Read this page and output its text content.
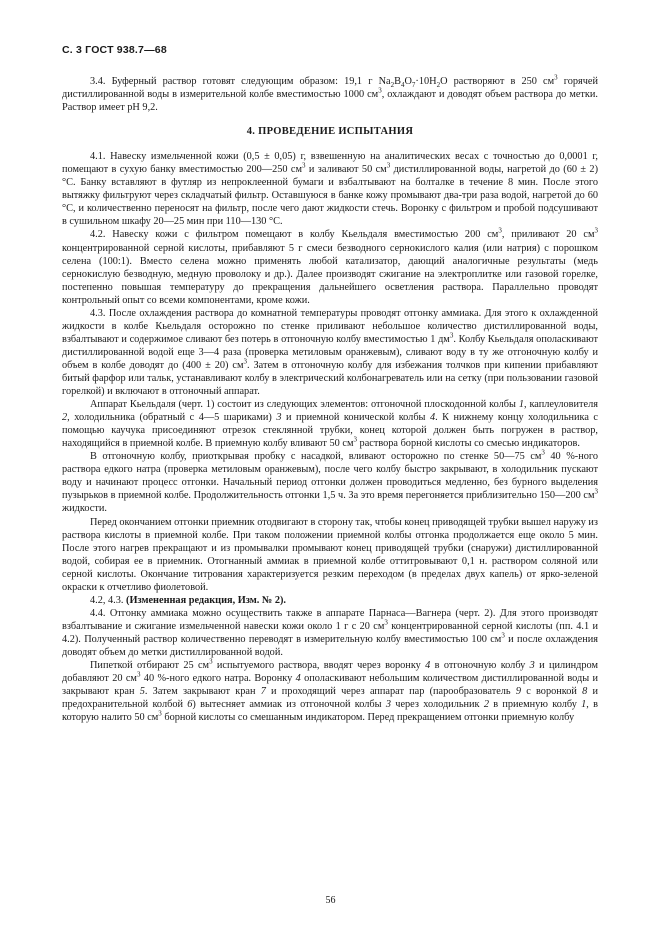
С. 3 ГОСТ 938.7—68

3.4. Буферный раствор готовят следующим образом: 19,1 г $Na_2B_4O_7\cdot 10H_2O$ растворяют в 250 $см^3$ горячей дистиллированной воды в измерительной колбе вместимостью 1000 $см^3$, охлаждают и доводят объем раствора до метки. Раствор имеет рН 9,2.

4. ПРОВЕДЕНИЕ ИСПЫТАНИЯ

4.1. Навеску измельченной кожи (0,5 ± 0,05) г, взвешенную на аналитических весах с точностью до 0,0001 г, помещают в сухую банку вместимостью 200—250 $см^3$ и заливают 50 $см^3$ дистиллированной воды, нагретой до (60 ± 2) °С. Банку вставляют в футляр из непроклеенной бумаги и взбалтывают на болталке в течение 8 мин. После этого вытяжку фильтруют через складчатый фильтр. Оставшуюся в банке кожу промывают два-три раза водой, нагретой до 60 °С, и количественно переносят на фильтр, после чего дают жидкости стечь. Воронку с фильтром и пробой подсушивают в сушильном шкафу 20—25 мин при 110—130 °С.

4.2. Навеску кожи с фильтром помещают в колбу Кьельдаля вместимостью 200 $см^3$, приливают 20 $см^3$ концентрированной серной кислоты, прибавляют 5 г смеси безводного сернокислого калия (или натрия) с порошком селена (100:1). Вместо селена можно применять любой катализатор, дающий аналогичные результаты (медь сернокислую безводную, медную проволоку и др.). Далее производят сжигание на электроплитке или газовой горелке, постепенно повышая температуру до прекращения дальнейшего осветления раствора. Параллельно проводят контрольный опыт со всеми компонентами, кроме кожи.

4.3. После охлаждения раствора до комнатной температуры проводят отгонку аммиака. Для этого к охлажденной жидкости в колбе Кьельдаля осторожно по стенке приливают небольшое количество дистиллированной воды, взбалтывают и содержимое сливают без потерь в отгоночную колбу вместимостью 1 $дм^3$. Колбу Кьельдаля ополаскивают дистиллированной водой еще 3—4 раза (проверка метиловым оранжевым), сливают воду в ту же отгоночную колбу и объем в колбе доводят до (400 ± 20) $см^3$. Затем в отгоночную колбу для избежания толчков при кипении прибавляют битый фарфор или тальк, устанавливают колбу в электрический колбонагреватель или на сетку (при пользовании газовой горелкой) и включают в отгоночный аппарат.

Аппарат Кьельдаля (черт. 1) состоит из следующих элементов: отгоночной плоскодонной колбы 1, каплеуловителя 2, холодильника (обратный с 4—5 шариками) 3 и приемной конической колбы 4. К нижнему концу холодильника с помощью каучука присоединяют отрезок стеклянной трубки, конец которой должен быть погружен в раствор, находящийся в приемной колбе. В приемную колбу вливают 50 $см^3$ раствора борной кислоты со смесью индикаторов.

В отгоночную колбу, приоткрывая пробку с насадкой, вливают осторожно по стенке 50—75 $см^3$ 40 %-ного раствора едкого натра (проверка метиловым оранжевым), после чего колбу быстро закрывают, в холодильник пускают воду и начинают процесс отгонки. Начальный период отгонки должен проводиться медленно, без бурного выделения пузырьков в приемной колбе. Продолжительность отгонки 1,5 ч. За это время перегоняется приблизительно 150—200 $см^3$ жидкости.

Перед окончанием отгонки приемник отодвигают в сторону так, чтобы конец приводящей трубки вышел наружу из раствора кислоты в приемной колбе. При таком положении приемной колбы отгонка продолжается еще около 5 мин. После этого нагрев прекращают и из промывалки промывают конец приводящей трубки (снаружи) дистиллированной водой, собирая ее в приемник. Отогнанный аммиак в приемной колбе оттитровывают 0,1 н. раствором соляной или серной кислоты. Окончание титрования характеризуется резким переходом (в пределах двух капель) от ярко-зеленой окраски к отчетливо фиолетовой.

4.2, 4.3. (Измененная редакция, Изм. № 2).

4.4. Отгонку аммиака можно осуществить также в аппарате Парнаса—Вагнера (черт. 2). Для этого производят взбалтывание и сжигание измельченной навески кожи около 1 г с 20 $см^3$ концентрированной серной кислоты (пп. 4.1 и 4.2). Полученный раствор количественно переводят в измерительную колбу вместимостью 100 $см^3$ и после охлаждения доводят объем до метки дистиллированной водой.

Пипеткой отбирают 25 $см^3$ испытуемого раствора, вводят через воронку 4 в отгоночную колбу 3 и цилиндром добавляют 20 $см^3$ 40 %-ного едкого натра. Воронку 4 ополаскивают небольшим количеством дистиллированной воды и закрывают кран 5. Затем закрывают кран 7 и проходящий через аппарат пар (парообразователь 9 с воронкой 8 и предохранительной колбой 6) вытесняет аммиак из отгоночной колбы 3 через холодильник 2 в приемную колбу 1, в которую налито 50 $см^3$ борной кислоты со смешанным индикатором. Перед прекращением отгонки приемную колбу

56
